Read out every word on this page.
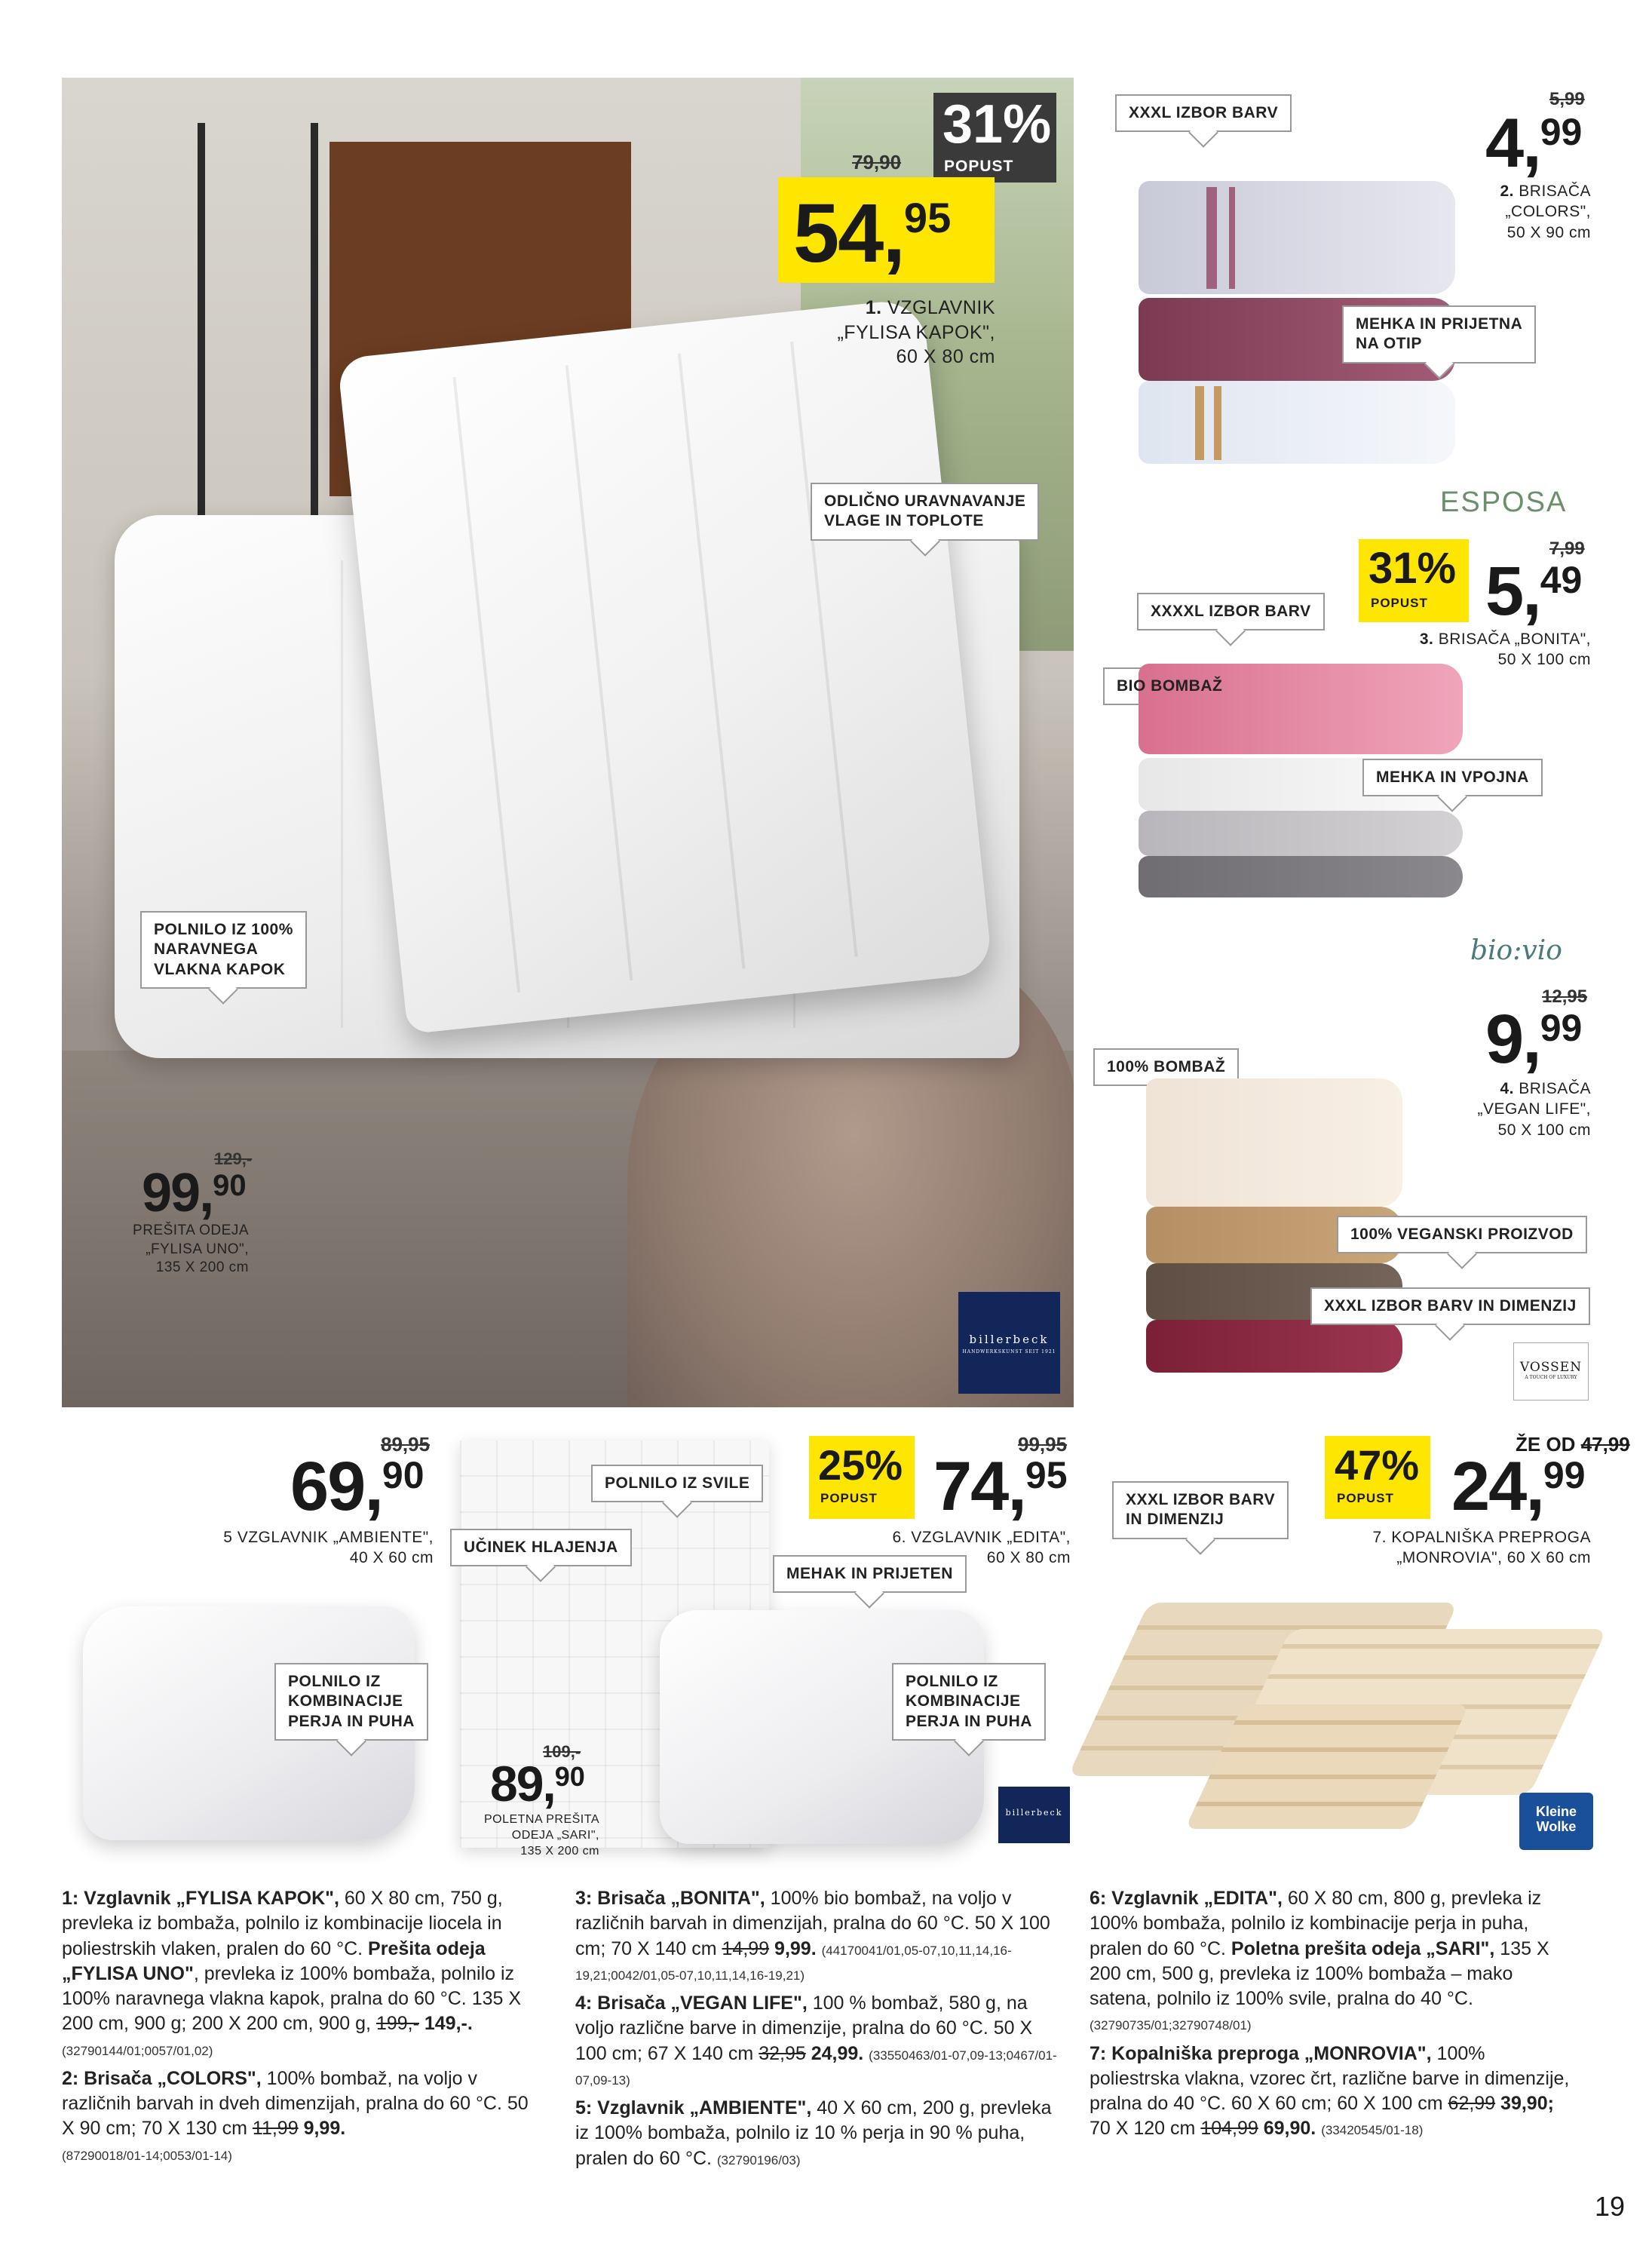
31%
POPUST
79,90
54,95
1. VZGLAVNIK
„FYLISA KAPOK",
60 X 80 cm
ODLIČNO URAVNAVANJE
VLAGE IN TOPLOTE
POLNILO IZ 100%
NARAVNEGA
VLAKNA KAPOK
129,-
99,90
PREŠITA ODEJA
„FYLISA UNO",
135 X 200 cm
billerbeck
HANDWERKSKUNST SEIT 1921
XXXL IZBOR BARV
5,99
4,99
2. BRISAČA
„COLORS",
50 X 90 cm
MEHKA IN PRIJETNA
NA OTIP
ESPOSA
31%
POPUST
7,99
5,49
3. BRISAČA „BONITA",
50 X 100 cm
XXXXL IZBOR BARV
BIO BOMBAŽ
MEHKA IN VPOJNA
bio:vio
12,95
9,99
4. BRISAČA
„VEGAN LIFE",
50 X 100 cm
100% BOMBAŽ
100% VEGANSKI PROIZVOD
XXXL IZBOR BARV IN DIMENZIJ
VOSSEN
A TOUCH OF LUXURY
89,95
69,90
5 VZGLAVNIK „AMBIENTE",
40 X 60 cm
POLNILO IZ
KOMBINACIJE
PERJA IN PUHA
POLNILO IZ SVILE
UČINEK HLAJENJA
109,-
89,90
POLETNA PREŠITA
ODEJA „SARI",
135 X 200 cm
25%
POPUST
99,95
74,95
6. VZGLAVNIK „EDITA",
60 X 80 cm
MEHAK IN PRIJETEN
POLNILO IZ
KOMBINACIJE
PERJA IN PUHA
billerbeck
XXXL IZBOR BARV
IN DIMENZIJ
47%
POPUST
ŽE OD 47,99
24,99
7. KOPALNIŠKA PREPROGA
„MONROVIA", 60 X 60 cm
Kleine
Wolke

1: Vzglavnik „FYLISA KAPOK", 60 X 80 cm, 750 g, prevleka iz bombaža, polnilo iz kombinacije liocela in poliestrskih vlaken, pralen do 60 °C. Prešita odeja „FYLISA UNO", prevleka iz 100% bombaža, polnilo iz 100% naravnega vlakna kapok, pralna do 60 °C. 135 X 200 cm, 900 g; 200 X 200 cm, 900 g, 199,- 149,-.
(32790144/01;0057/01,02)

2: Brisača „COLORS", 100% bombaž, na voljo v različnih barvah in dveh dimenzijah, pralna do 60 °C. 50 X 90 cm; 70 X 130 cm 11,99 9,99.
(87290018/01-14;0053/01-14)

3: Brisača „BONITA", 100% bio bombaž, na voljo v različnih barvah in dimenzijah, pralna do 60 °C. 50 X 100 cm; 70 X 140 cm 14,99 9,99. (44170041/01,05-07,10,11,14,16-19,21;0042/01,05-07,10,11,14,16-19,21)

4: Brisača „VEGAN LIFE", 100 % bombaž, 580 g, na voljo različne barve in dimenzije, pralna do 60 °C. 50 X 100 cm; 67 X 140 cm 32,95 24,99. (33550463/01-07,09-13;0467/01-07,09-13)

5: Vzglavnik „AMBIENTE", 40 X 60 cm, 200 g, prevleka iz 100% bombaža, polnilo iz 10 % perja in 90 % puha, pralen do 60 °C. (32790196/03)

6: Vzglavnik „EDITA", 60 X 80 cm, 800 g, prevleka iz 100% bombaža, polnilo iz kombinacije perja in puha, pralen do 60 °C. Poletna prešita odeja „SARI", 135 X 200 cm, 500 g, prevleka iz 100% bombaža – mako satena, polnilo iz 100% svile, pralna do 40 °C.
(32790735/01;32790748/01)

7: Kopalniška preproga „MONROVIA", 100% poliestrska vlakna, vzorec črt, različne barve in dimenzije, pralna do 40 °C. 60 X 60 cm; 60 X 100 cm 62,99 39,90; 70 X 120 cm 104,99 69,90. (33420545/01-18)

19
